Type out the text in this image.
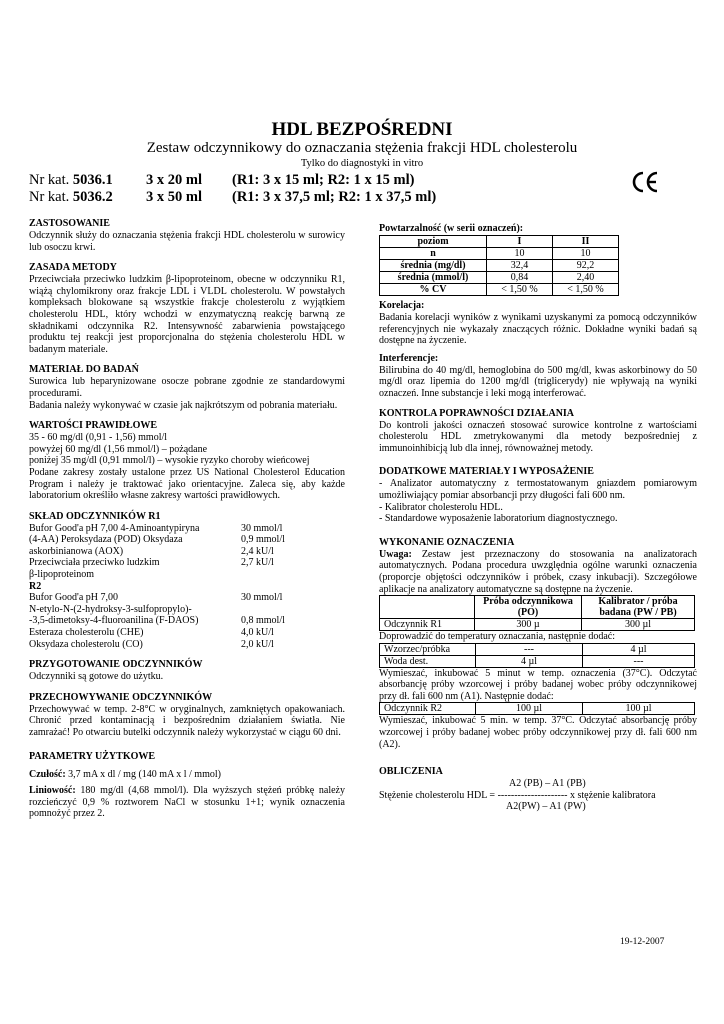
HDL BEZPOŚREDNI
Zestaw odczynnikowy do oznaczania stężenia frakcji HDL cholesterolu
Tylko do diagnostyki in vitro
Nr kat. 5036.1 3 x 20 ml (R1: 3 x 15 ml; R2: 1 x 15 ml)
Nr kat. 5036.2 3 x 50 ml (R1: 3 x 37,5 ml; R2: 1 x 37,5 ml)
ZASTOSOWANIE

Odczynnik służy do oznaczania stężenia frakcji HDL cholesterolu w surowicy lub osoczu krwi.

ZASADA METODY

Przeciwciała przeciwko ludzkim β-lipoproteinom, obecne w odczynniku R1, wiążą chylomikrony oraz frakcje LDL i VLDL cholesterolu. W powstałych kompleksach blokowane są wszystkie frakcje cholesterolu z wyjątkiem cholesterolu HDL, który wchodzi w enzymatyczną reakcję barwną ze składnikami odczynnika R2. Intensywność zabarwienia powstającego produktu tej reakcji jest proporcjonalna do stężenia cholesterolu HDL w badanym materiale.

MATERIAŁ DO BADAŃ

Surowica lub heparynizowane osocze pobrane zgodnie ze standardowymi procedurami.

Badania należy wykonywać w czasie jak najkrótszym od pobrania materiału.

WARTOŚCI PRAWIDŁOWE
35 - 60 mg/dl (0,91 - 1,56) mmol/l
powyżej 60 mg/dl (1,56 mmol/l) – pożądane
poniżej 35 mg/dl (0,91 mmol/l) – wysokie ryzyko choroby wieńcowej

Podane zakresy zostały ustalone przez US National Cholesterol Education Program i należy je traktować jako orientacyjne. Zaleca się, aby każde laboratorium określiło własne zakresy wartości prawidłowych.

SKŁAD ODCZYNNIKÓW R1
Bufor Good'a pH 7,00 4-Aminoantypiryna	30 mmol/l
(4-AA) Peroksydaza (POD) Oksydaza	0,9 mmol/l
askorbinianowa (AOX)	2,4 kU/l
Przeciwciała przeciwko ludzkim	2,7 kU/l
β-lipoproteinom
R2
Bufor Good'a pH 7,00	30 mmol/l
N-etylo-N-(2-hydroksy-3-sulfopropylo)-
-3,5-dimetoksy-4-fluoroanilina (F-DAOS)	0,8 mmol/l
Esteraza cholesterolu (CHE)	4,0 kU/l
Oksydaza cholesterolu (CO)	2,0 kU/l
PRZYGOTOWANIE ODCZYNNIKÓW

Odczynniki są gotowe do użytku.

PRZECHOWYWANIE ODCZYNNIKÓW

Przechowywać w temp. 2-8°C w oryginalnych, zamkniętych opakowaniach. Chronić przed kontaminacją i bezpośrednim działaniem światła. Nie zamrażać! Po otwarciu butelki odczynnik należy wykorzystać w ciągu 60 dni.

PARAMETRY UŻYTKOWE

Czułość: 3,7 mA x dl / mg (140 mA x l / mmol)

Liniowość: 180 mg/dl (4,68 mmol/l). Dla wyższych stężeń próbkę należy rozcieńczyć 0,9 % roztworem NaCl w stosunku 1+1; wynik oznaczenia pomnożyć przez 2.

Powtarzalność (w serii oznaczeń):
poziom	I	II
n	10	10
średnia (mg/dl)	32,4	92,2
średnia (mmol/l)	0,84	2,40
% CV	< 1,50 %	< 1,50 %
Korelacja:

Badania korelacji wyników z wynikami uzyskanymi za pomocą odczynników referencyjnych nie wykazały znaczących różnic. Dokładne wyniki badań są dostępne na życzenie.

Interferencje:

Bilirubina do 40 mg/dl, hemoglobina do 500 mg/dl, kwas askorbinowy do 50 mg/dl oraz lipemia do 1200 mg/dl (triglicerydy) nie wpływają na wyniki oznaczeń. Inne substancje i leki mogą interferować.

KONTROLA POPRAWNOŚCI DZIAŁANIA

Do kontroli jakości oznaczeń stosować surowice kontrolne z wartościami cholesterolu HDL zmetrykowanymi dla metody bezpośredniej z immunoinhibicją lub dla innej, równoważnej metody.

DODATKOWE MATERIAŁY I WYPOSAŻENIE

- Analizator automatyczny z termostatowanym gniazdem pomiarowym umożliwiający pomiar absorbancji przy długości fali 600 nm.

- Kalibrator cholesterolu HDL.

- Standardowe wyposażenie laboratorium diagnostycznego.

WYKONANIE OZNACZENIA

Uwaga: Zestaw jest przeznaczony do stosowania na analizatorach automatycznych. Podana procedura uwzględnia ogólne warunki oznaczenia (proporcje objętości odczynników i próbek, czasy inkubacji). Szczegółowe aplikacje na analizatory automatyczne są dostępne na życzenie.

	Próba odczynnikowa (PO)	Kalibrator / próba badana (PW / PB)
Odczynnik R1	300 µ	300 µl

Doprowadzić do temperatury oznaczania, następnie dodać:

Wzorzec/próbka	---	4 µl
Woda dest.	4 µl	---

Wymieszać, inkubować 5 minut w temp. oznaczenia (37°C). Odczytać absorbancję próby wzorcowej i próby badanej wobec próby odczynnikowej przy dł. fali 600 nm (A1). Następnie dodać:

Odczynnik R2	100 µl	100 µl

Wymieszać, inkubować 5 min. w temp. 37°C. Odczytać absorbancję próby wzorcowej i próby badanej wobec próby odczynnikowej przy dł. fali 600 nm (A2).

OBLICZENIA
A2 (PB) – A1 (PB)
Stężenie cholesterolu HDL = --------------------- x stężenie kalibratora
A2(PW) – A1 (PW)
19-12-2007
